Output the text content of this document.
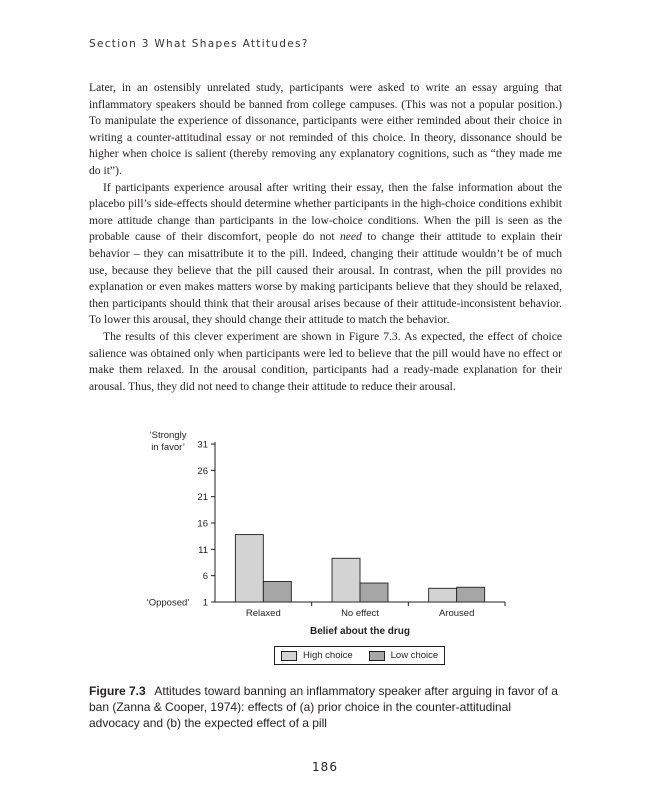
Section 3 What Shapes Attitudes?

Later, in an ostensibly unrelated study, participants were asked to write an essay arguing that inflammatory speakers should be banned from college campuses. (This was not a popular position.) To manipulate the experience of dissonance, participants were either reminded about their choice in writing a counter-attitudinal essay or not reminded of this choice. In theory, dissonance should be higher when choice is salient (thereby removing any explanatory cognitions, such as “they made me do it”).

If participants experience arousal after writing their essay, then the false information about the placebo pill’s side-effects should determine whether participants in the high-choice conditions exhibit more attitude change than participants in the low-choice conditions. When the pill is seen as the probable cause of their discomfort, people do not need to change their attitude to explain their behavior – they can misattribute it to the pill. Indeed, changing their attitude wouldn’t be of much use, because they believe that the pill caused their arousal. In contrast, when the pill provides no explanation or even makes matters worse by making participants believe that they should be relaxed, then participants should think that their arousal arises because of their attitude-inconsistent behavior. To lower this arousal, they should change their attitude to match the behavior.

The results of this clever experiment are shown in Figure 7.3. As expected, the effect of choice salience was obtained only when participants were led to believe that the pill would have no effect or make them relaxed. In the arousal condition, participants had a ready-made explanation for their arousal. Thus, they did not need to change their attitude to reduce their arousal.

1
6
11
16
21
26
31
‘Strongly
in favor’
‘Opposed’
Relaxed	No effect	Aroused
Belief about the drug
High choice	Low choice
Figure 7.3 Attitudes toward banning an inflammatory speaker after arguing in favor of a ban (Zanna & Cooper, 1974): effects of (a) prior choice in the counter-attitudinal advocacy and (b) the expected effect of a pill
186
